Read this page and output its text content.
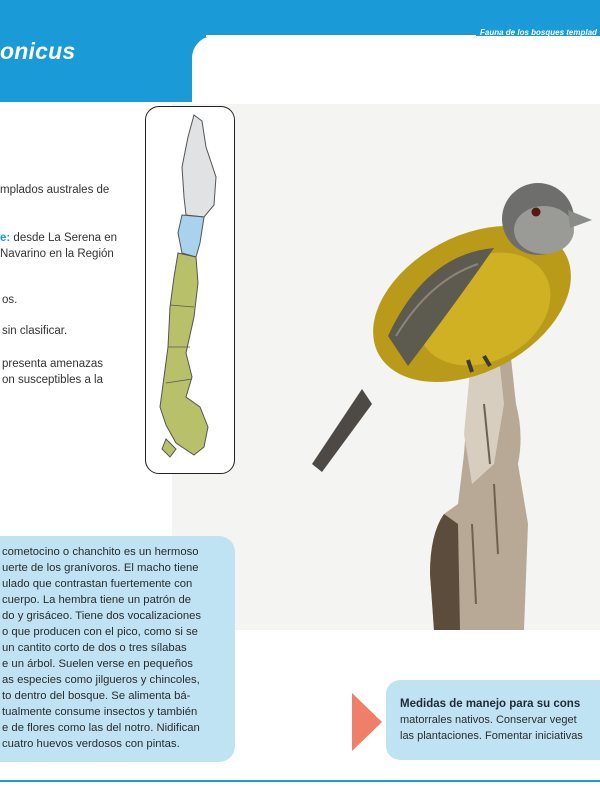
onicus
Fauna de los bosques templad
mplados australes de
e: desde La Serena en
Navarino en la Región
os.
sin clasificar.
presenta amenazas
on susceptibles a la
cometocino o chanchito es un hermoso
uerte de los granívoros. El macho tiene
ulado que contrastan fuertemente con
cuerpo. La hembra tiene un patrón de
do y grisáceo. Tiene dos vocalizaciones
o que producen con el pico, como si se
un cantito corto de dos o tres sílabas
e un árbol. Suelen verse en pequeños
as especies como jilgueros y chincoles,
to dentro del bosque. Se alimenta bá-
tualmente consume insectos y también
e de flores como las del notro. Nidifican
cuatro huevos verdosos con pintas.
Medidas de manejo para su cons
matorrales nativos. Conservar veget
las plantaciones. Fomentar iniciativas
